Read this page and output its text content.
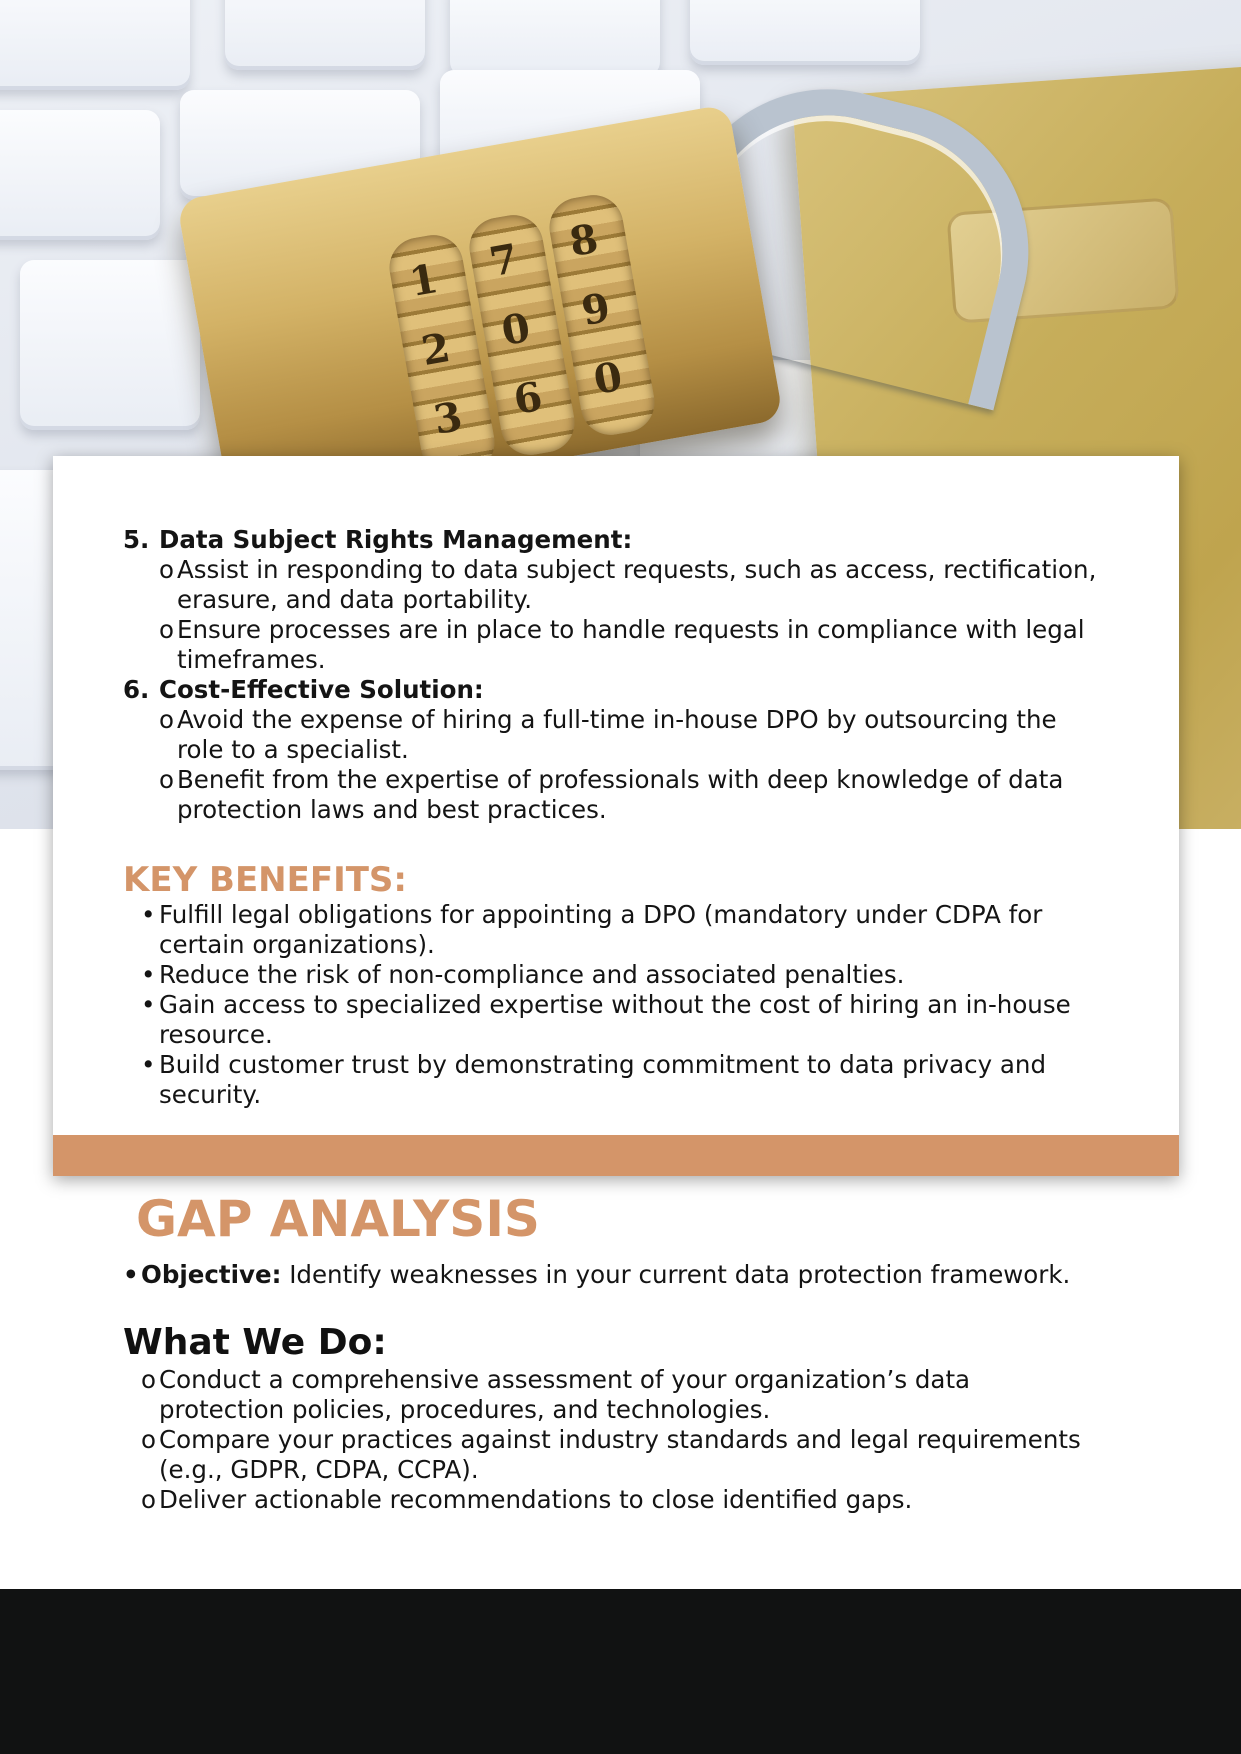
1
2
3
7
0
6
8
9
0
5. Data Subject Rights Management:
o Assist in responding to data subject requests, such as access, rectification,
erasure, and data portability.
o Ensure processes are in place to handle requests in compliance with legal
timeframes.
6. Cost-Effective Solution:
o Avoid the expense of hiring a full-time in-house DPO by outsourcing the
role to a specialist.
o Benefit from the expertise of professionals with deep knowledge of data
protection laws and best practices.
KEY BENEFITS:
• Fulfill legal obligations for appointing a DPO (mandatory under CDPA for
certain organizations).
• Reduce the risk of non-compliance and associated penalties.
• Gain access to specialized expertise without the cost of hiring an in-house
resource.
• Build customer trust by demonstrating commitment to data privacy and
security.
GAP ANALYSIS
• Objective: Identify weaknesses in your current data protection framework.
What We Do:
o Conduct a comprehensive assessment of your organization’s data
protection policies, procedures, and technologies.
o Compare your practices against industry standards and legal requirements
(e.g., GDPR, CDPA, CCPA).
o Deliver actionable recommendations to close identified gaps.
